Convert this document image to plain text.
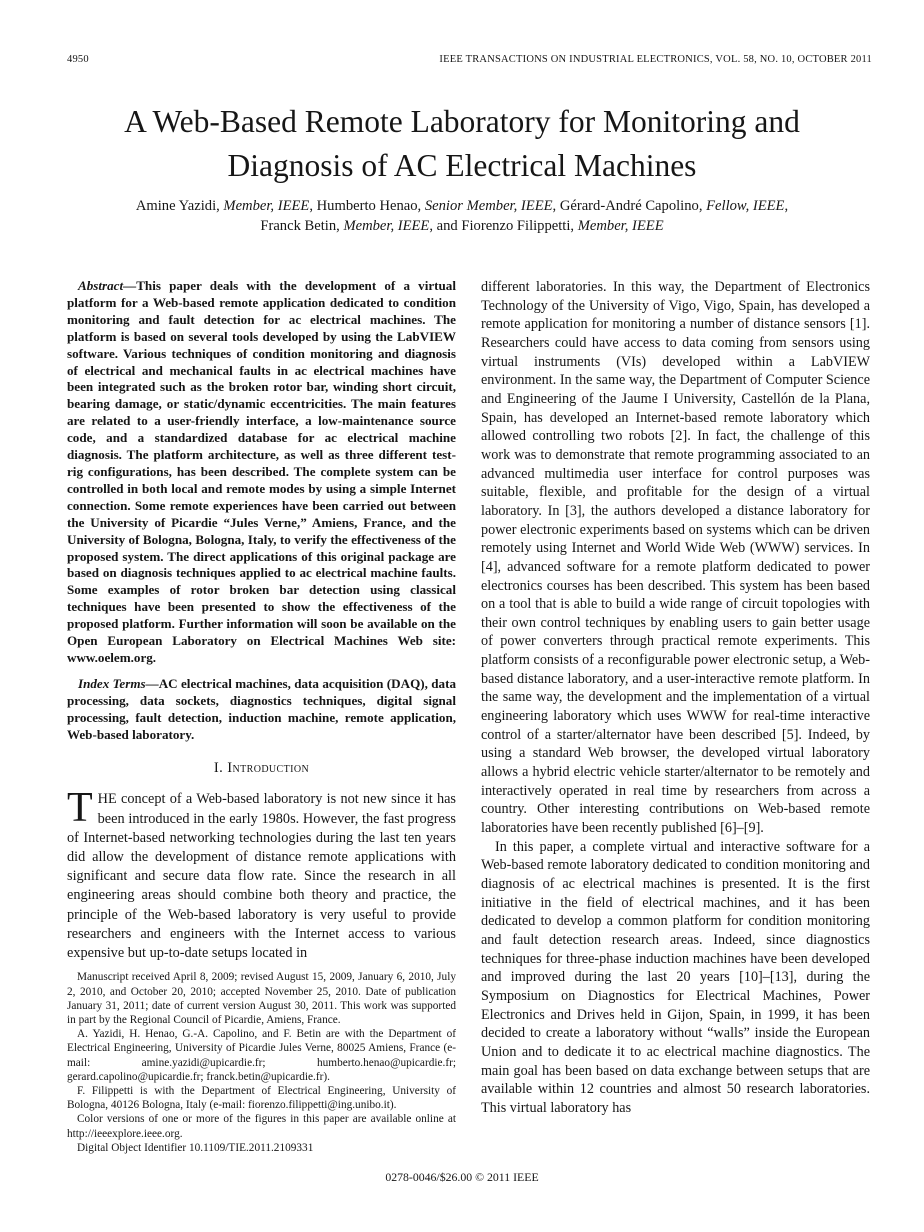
4950	IEEE TRANSACTIONS ON INDUSTRIAL ELECTRONICS, VOL. 58, NO. 10, OCTOBER 2011
A Web-Based Remote Laboratory for Monitoring and
Diagnosis of AC Electrical Machines
Amine Yazidi, Member, IEEE, Humberto Henao, Senior Member, IEEE, Gérard-André Capolino, Fellow, IEEE,
Franck Betin, Member, IEEE, and Fiorenzo Filippetti, Member, IEEE

Abstract—This paper deals with the development of a virtual platform for a Web-based remote application dedicated to condition monitoring and fault detection for ac electrical machines. The platform is based on several tools developed by using the LabVIEW software. Various techniques of condition monitoring and diagnosis of electrical and mechanical faults in ac electrical machines have been integrated such as the broken rotor bar, winding short circuit, bearing damage, or static/dynamic eccentricities. The main features are related to a user-friendly interface, a low-maintenance source code, and a standardized database for ac electrical machine diagnosis. The platform architecture, as well as three different test-rig configurations, has been described. The complete system can be controlled in both local and remote modes by using a simple Internet connection. Some remote experiences have been carried out between the University of Picardie “Jules Verne,” Amiens, France, and the University of Bologna, Bologna, Italy, to verify the effectiveness of the proposed system. The direct applications of this original package are based on diagnosis techniques applied to ac electrical machine faults. Some examples of rotor broken bar detection using classical techniques have been presented to show the effectiveness of the proposed platform. Further information will soon be available on the Open European Laboratory on Electrical Machines Web site: www.oelem.org.

Index Terms—AC electrical machines, data acquisition (DAQ), data processing, data sockets, diagnostics techniques, digital signal processing, fault detection, induction machine, remote application, Web-based laboratory.

I. Introduction

THE concept of a Web-based laboratory is not new since it has been introduced in the early 1980s. However, the fast progress of Internet-based networking technologies during the last ten years did allow the development of distance remote applications with significant and secure data flow rate. Since the research in all engineering areas should combine both theory and practice, the principle of the Web-based laboratory is very useful to provide researchers and engineers with the Internet access to various expensive but up-to-date setups located in

Manuscript received April 8, 2009; revised August 15, 2009, January 6, 2010, July 2, 2010, and October 20, 2010; accepted November 25, 2010. Date of publication January 31, 2011; date of current version August 30, 2011. This work was supported in part by the Regional Council of Picardie, Amiens, France.

A. Yazidi, H. Henao, G.-A. Capolino, and F. Betin are with the Department of Electrical Engineering, University of Picardie Jules Verne, 80025 Amiens, France (e-mail: amine.yazidi@upicardie.fr; humberto.henao@upicardie.fr; gerard.capolino@upicardie.fr; franck.betin@upicardie.fr).

F. Filippetti is with the Department of Electrical Engineering, University of Bologna, 40126 Bologna, Italy (e-mail: fiorenzo.filippetti@ing.unibo.it).

Color versions of one or more of the figures in this paper are available online at http://ieeexplore.ieee.org.

Digital Object Identifier 10.1109/TIE.2011.2109331

different laboratories. In this way, the Department of Electronics Technology of the University of Vigo, Vigo, Spain, has developed a remote application for monitoring a number of distance sensors [1]. Researchers could have access to data coming from sensors using virtual instruments (VIs) developed within a LabVIEW environment. In the same way, the Department of Computer Science and Engineering of the Jaume I University, Castellón de la Plana, Spain, has developed an Internet-based remote laboratory which allowed controlling two robots [2]. In fact, the challenge of this work was to demonstrate that remote programming associated to an advanced multimedia user interface for control purposes was suitable, flexible, and profitable for the design of a virtual laboratory. In [3], the authors developed a distance laboratory for power electronic experiments based on systems which can be driven remotely using Internet and World Wide Web (WWW) services. In [4], advanced software for a remote platform dedicated to power electronics courses has been described. This system has been based on a tool that is able to build a wide range of circuit topologies with their own control techniques by enabling users to gain better usage of power converters through practical remote experiments. This platform consists of a reconfigurable power electronic setup, a Web-based distance laboratory, and a user-interactive remote platform. In the same way, the development and the implementation of a virtual engineering laboratory which uses WWW for real-time interactive control of a starter/alternator have been described [5]. Indeed, by using a standard Web browser, the developed virtual laboratory allows a hybrid electric vehicle starter/alternator to be remotely and interactively operated in real time by researchers from across a country. Other interesting contributions on Web-based remote laboratories have been recently published [6]–[9].

In this paper, a complete virtual and interactive software for a Web-based remote laboratory dedicated to condition monitoring and diagnosis of ac electrical machines is presented. It is the first initiative in the field of electrical machines, and it has been dedicated to develop a common platform for condition monitoring and fault detection research areas. Indeed, since diagnostics techniques for three-phase induction machines have been developed and improved during the last 20 years [10]–[13], during the Symposium on Diagnostics for Electrical Machines, Power Electronics and Drives held in Gijon, Spain, in 1999, it has been decided to create a laboratory without “walls” inside the European Union and to dedicate it to ac electrical machine diagnostics. The main goal has been based on data exchange between setups that are available within 12 countries and almost 50 research laboratories. This virtual laboratory has

0278-0046/$26.00 © 2011 IEEE
